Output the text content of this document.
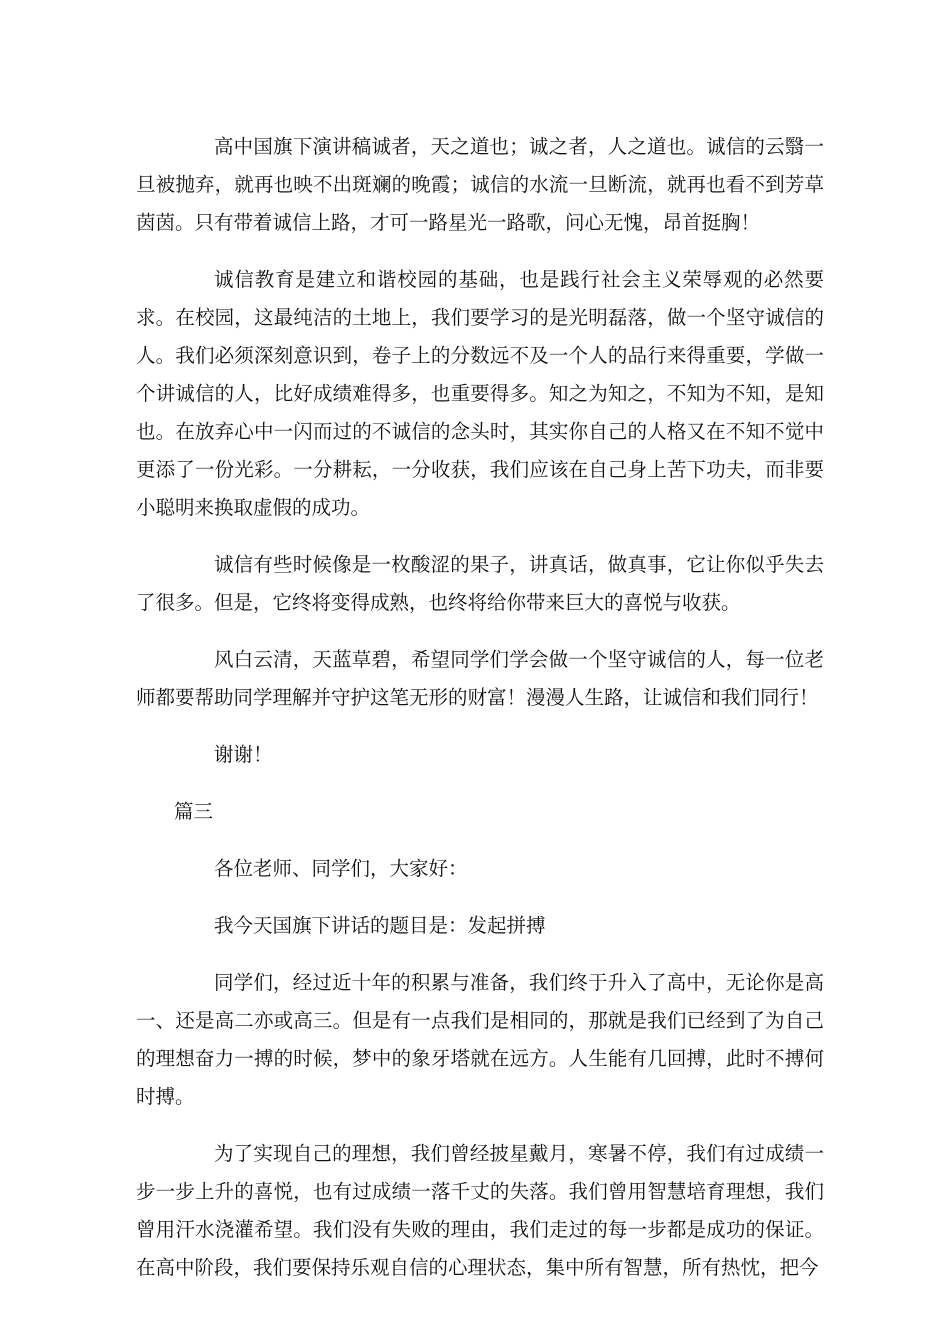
高中国旗下演讲稿诚者，天之道也；诚之者，人之道也。诚信的云翳一旦被抛弃，就再也映不出斑斓的晚霞；诚信的水流一旦断流，就再也看不到芳草茵茵。只有带着诚信上路，才可一路星光一路歌，问心无愧，昂首挺胸！

诚信教育是建立和谐校园的基础，也是践行社会主义荣辱观的必然要求。在校园，这最纯洁的土地上，我们要学习的是光明磊落，做一个坚守诚信的人。我们必须深刻意识到，卷子上的分数远不及一个人的品行来得重要，学做一个讲诚信的人，比好成绩难得多，也重要得多。知之为知之，不知为不知，是知也。在放弃心中一闪而过的不诚信的念头时，其实你自己的人格又在不知不觉中更添了一份光彩。一分耕耘，一分收获，我们应该在自己身上苦下功夫，而非要小聪明来换取虚假的成功。

诚信有些时候像是一枚酸涩的果子，讲真话，做真事，它让你似乎失去了很多。但是，它终将变得成熟，也终将给你带来巨大的喜悦与收获。

风白云清，天蓝草碧，希望同学们学会做一个坚守诚信的人，每一位老师都要帮助同学理解并守护这笔无形的财富！漫漫人生路，让诚信和我们同行！

谢谢！

篇三

各位老师、同学们，大家好：

我今天国旗下讲话的题目是：发起拼搏

同学们，经过近十年的积累与准备，我们终于升入了高中，无论你是高一、还是高二亦或高三。但是有一点我们是相同的，那就是我们已经到了为自己的理想奋力一搏的时候，梦中的象牙塔就在远方。人生能有几回搏，此时不搏何时搏。

为了实现自己的理想，我们曾经披星戴月，寒暑不停，我们有过成绩一步一步上升的喜悦，也有过成绩一落千丈的失落。我们曾用智慧培育理想，我们曾用汗水浇灌希望。我们没有失败的理由，我们走过的每一步都是成功的保证。在高中阶段，我们要保持乐观自信的心理状态，集中所有智慧，所有热忱，把今
